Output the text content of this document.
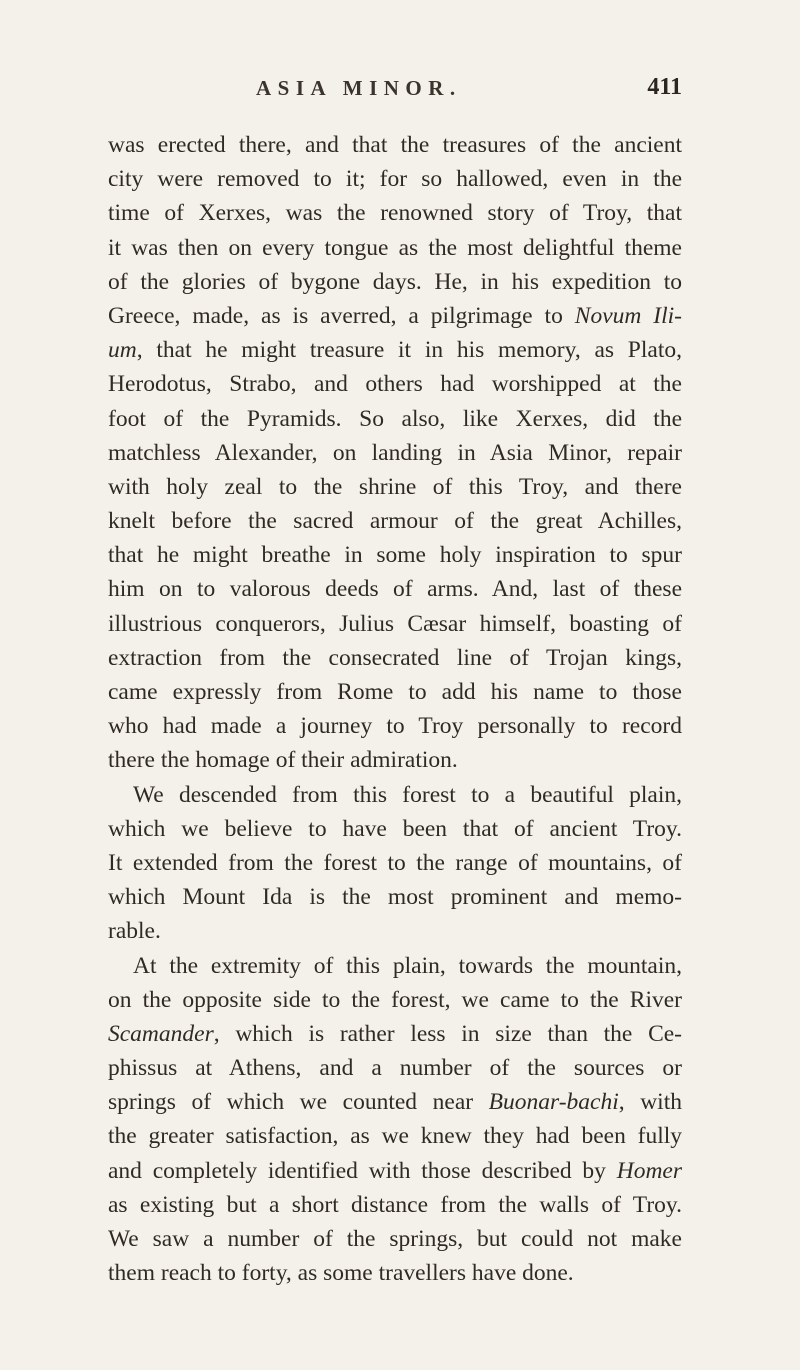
ASIA MINOR.	411
was erected there, and that the treasures of the ancient
city were removed to it; for so hallowed, even in the
time of Xerxes, was the renowned story of Troy, that
it was then on every tongue as the most delightful theme
of the glories of bygone days. He, in his expedition to
Greece, made, as is averred, a pilgrimage to Novum Ili-
um, that he might treasure it in his memory, as Plato,
Herodotus, Strabo, and others had worshipped at the
foot of the Pyramids. So also, like Xerxes, did the
matchless Alexander, on landing in Asia Minor, repair
with holy zeal to the shrine of this Troy, and there
knelt before the sacred armour of the great Achilles,
that he might breathe in some holy inspiration to spur
him on to valorous deeds of arms. And, last of these
illustrious conquerors, Julius Cæsar himself, boasting of
extraction from the consecrated line of Trojan kings,
came expressly from Rome to add his name to those
who had made a journey to Troy personally to record
there the homage of their admiration.
We descended from this forest to a beautiful plain,
which we believe to have been that of ancient Troy.
It extended from the forest to the range of mountains, of
which Mount Ida is the most prominent and memo-
rable.
At the extremity of this plain, towards the mountain,
on the opposite side to the forest, we came to the River
Scamander, which is rather less in size than the Ce-
phissus at Athens, and a number of the sources or
springs of which we counted near Buonar-bachi, with
the greater satisfaction, as we knew they had been fully
and completely identified with those described by Homer
as existing but a short distance from the walls of Troy.
We saw a number of the springs, but could not make
them reach to forty, as some travellers have done.
